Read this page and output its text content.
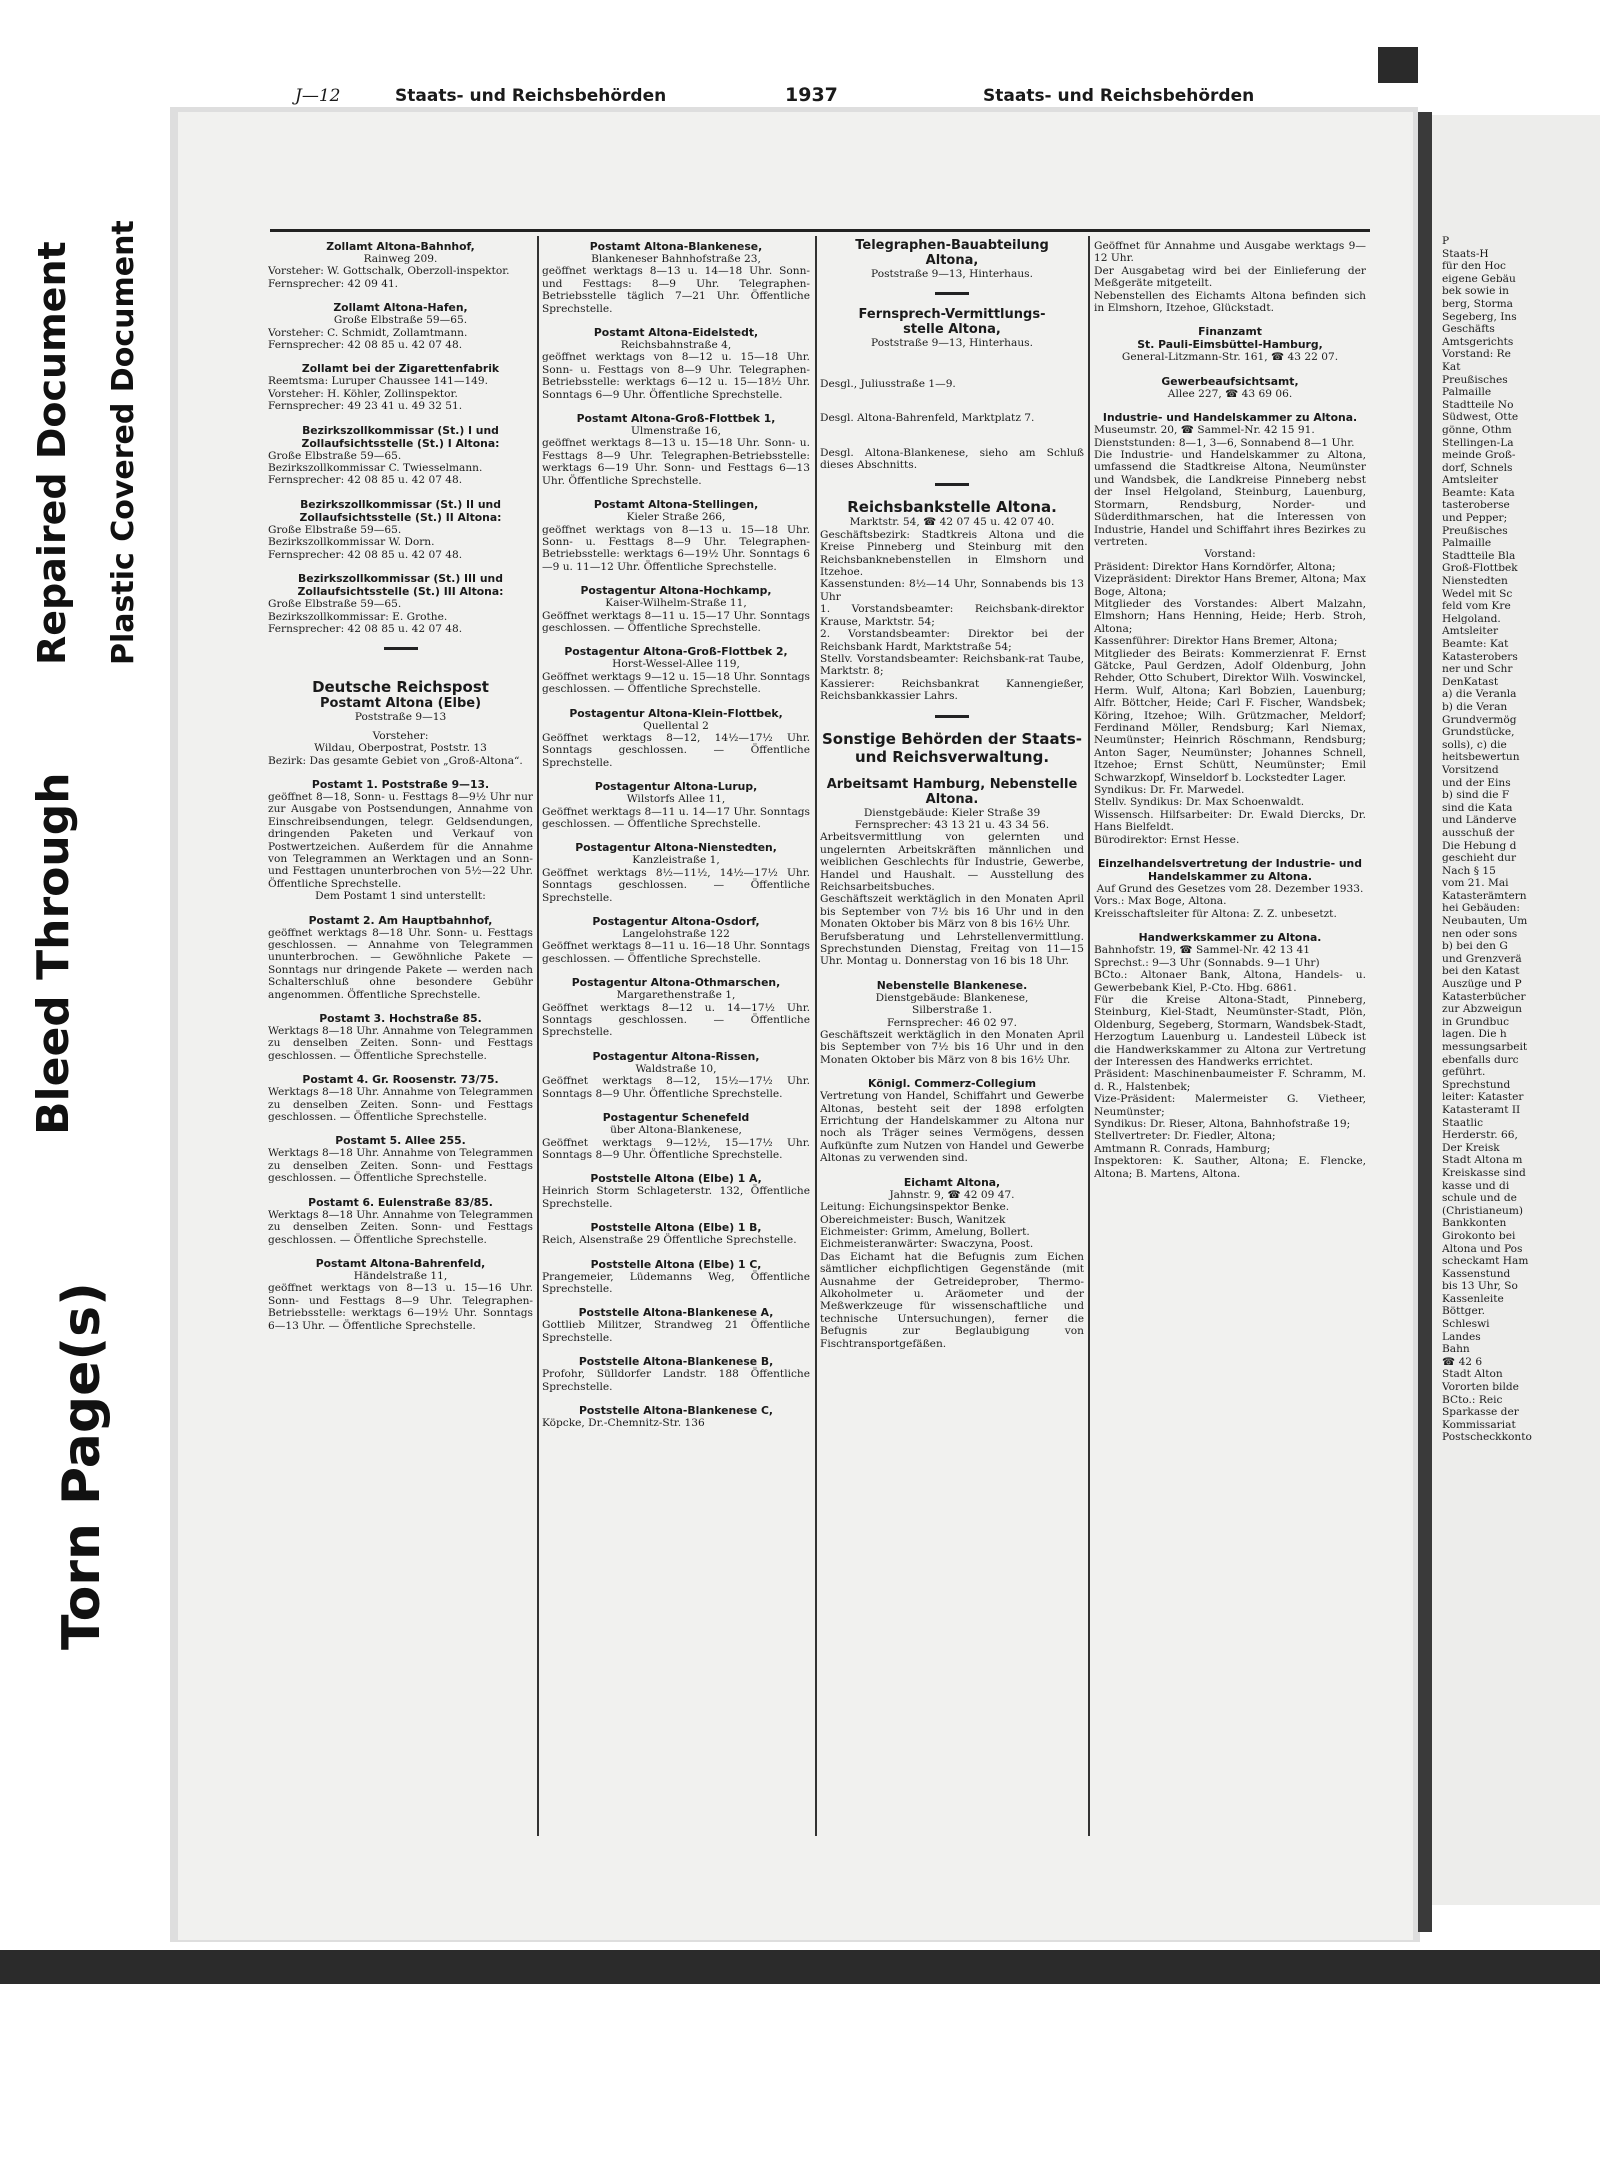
Bleed Through
Repaired Document Plastic Covered Document
Torn Page(s)
P
Staats-H
für den Hoc
eigene Gebäu
bek sowie in
berg, Storma
Segeberg, Ins
Geschäfts
Amtsgerichts
Vorstand: Re
Kat
Preußisches
Palmaille
Stadtteile No
Südwest, Otte
gönne, Othm
Stellingen-La
meinde Groß-
dorf, Schnels
Amtsleiter
Beamte: Kata
tasteroberse
und Pepper;
Preußisches
Palmaille
Stadtteile Bla
Groß-Flottbek
Nienstedten
Wedel mit Sc
feld vom Kre
Helgoland.
Amtsleiter
Beamte: Kat
Katasterobers
ner und Schr
DenKatast
a) die Veranla
b) die Veran
Grundvermög
Grundstücke,
solls), c) die
heitsbewertun
Vorsitzend
und der Eins
b) sind die F
sind die Kata
und Länderve
ausschuß der
Die Hebung d
geschieht dur
Nach § 15
vom 21. Mai
Katasterämtern
hei Gebäuden:
Neubauten, Um
nen oder sons
b) bei den G
und Grenzverä
bei den Katast
Auszüge und P
Katasterbücher
zur Abzweigun
in Grundbuc
lagen. Die h
messungsarbeit
ebenfalls durc
geführt.
Sprechstund
leiter: Kataster
Katasteramt II
Staatlic
Herderstr. 66,
Der Kreisk
Stadt Altona m
Kreiskasse sind
kasse und di
schule und de
(Christianeum)
Bankkonten
Girokonto bei
Altona und Pos
scheckamt Ham
Kassenstund
bis 13 Uhr, So
Kassenleite
Böttger.
Schleswi
Landes
Bahn
☎ 42 6
Stadt Alton
Vororten bilde
BCto.: Reic
Sparkasse der
Kommissariat
Postscheckkonto
J—12	Staats- und Reichsbehörden	1937	Staats- und Reichsbehörden
Zollamt Altona-Bahnhof,
Rainweg 209.
Vorsteher: W. Gottschalk, Oberzoll-inspektor.
Fernsprecher: 42 09 41.
Zollamt Altona-Hafen,
Große Elbstraße 59—65.
Vorsteher: C. Schmidt, Zollamtmann.
Fernsprecher: 42 08 85 u. 42 07 48.
Zollamt bei der Zigarettenfabrik
Reemtsma: Luruper Chaussee 141—149.
Vorsteher: H. Köhler, Zollinspektor.
Fernsprecher: 49 23 41 u. 49 32 51.
Bezirkszollkommissar (St.) I und Zollaufsichtsstelle (St.) I Altona:
Große Elbstraße 59—65.
Bezirkszollkommissar C. Twiesselmann.
Fernsprecher: 42 08 85 u. 42 07 48.
Bezirkszollkommissar (St.) II und Zollaufsichtsstelle (St.) II Altona:
Große Elbstraße 59—65.
Bezirkszollkommissar W. Dorn.
Fernsprecher: 42 08 85 u. 42 07 48.
Bezirkszollkommissar (St.) III und Zollaufsichtsstelle (St.) III Altona:
Große Elbstraße 59—65.
Bezirkszollkommissar: E. Grothe.
Fernsprecher: 42 08 85 u. 42 07 48.
Deutsche Reichspost
Postamt Altona (Elbe)
Poststraße 9—13
Vorsteher:
Wildau, Oberpostrat, Poststr. 13
Bezirk: Das gesamte Gebiet von „Groß-Altona“.
Postamt 1. Poststraße 9—13.
geöffnet 8—18, Sonn- u. Festtags 8—9½ Uhr nur zur Ausgabe von Postsendungen, Annahme von Einschreibsendungen, telegr. Geldsendungen, dringenden Paketen und Verkauf von Postwertzeichen. Außerdem für die Annahme von Telegrammen an Werktagen und an Sonn- und Festtagen ununterbrochen von 5½—22 Uhr. Öffentliche Sprechstelle.
Dem Postamt 1 sind unterstellt:
Postamt 2. Am Hauptbahnhof,
geöffnet werktags 8—18 Uhr. Sonn- u. Festtags geschlossen. — Annahme von Telegrammen ununterbrochen. — Gewöhnliche Pakete — Sonntags nur dringende Pakete — werden nach Schalterschluß ohne besondere Gebühr angenommen. Öffentliche Sprechstelle.
Postamt 3. Hochstraße 85.
Werktags 8—18 Uhr. Annahme von Telegrammen zu denselben Zeiten. Sonn- und Festtags geschlossen. — Öffentliche Sprechstelle.
Postamt 4. Gr. Roosenstr. 73/75.
Werktags 8—18 Uhr. Annahme von Telegrammen zu denselben Zeiten. Sonn- und Festtags geschlossen. — Öffentliche Sprechstelle.
Postamt 5. Allee 255.
Werktags 8—18 Uhr. Annahme von Telegrammen zu denselben Zeiten. Sonn- und Festtags geschlossen. — Öffentliche Sprechstelle.
Postamt 6. Eulenstraße 83/85.
Werktags 8—18 Uhr. Annahme von Telegrammen zu denselben Zeiten. Sonn- und Festtags geschlossen. — Öffentliche Sprechstelle.
Postamt Altona-Bahrenfeld,
Händelstraße 11,
geöffnet werktags von 8—13 u. 15—16 Uhr. Sonn- und Festtags 8—9 Uhr. Telegraphen-Betriebsstelle: werktags 6—19½ Uhr. Sonntags 6—13 Uhr. — Öffentliche Sprechstelle.
Postamt Altona-Blankenese,
Blankeneser Bahnhofstraße 23,
geöffnet werktags 8—13 u. 14—18 Uhr. Sonn- und Festtags: 8—9 Uhr. Telegraphen-Betriebsstelle täglich 7—21 Uhr. Öffentliche Sprechstelle.
Postamt Altona-Eidelstedt,
Reichsbahnstraße 4,
geöffnet werktags von 8—12 u. 15—18 Uhr. Sonn- u. Festtags von 8—9 Uhr. Telegraphen-Betriebsstelle: werktags 6—12 u. 15—18½ Uhr. Sonntags 6—9 Uhr. Öffentliche Sprechstelle.
Postamt Altona-Groß-Flottbek 1,
Ulmenstraße 16,
geöffnet werktags 8—13 u. 15—18 Uhr. Sonn- u. Festtags 8—9 Uhr. Telegraphen-Betriebsstelle: werktags 6—19 Uhr. Sonn- und Festtags 6—13 Uhr. Öffentliche Sprechstelle.
Postamt Altona-Stellingen,
Kieler Straße 266,
geöffnet werktags von 8—13 u. 15—18 Uhr. Sonn- u. Festtags 8—9 Uhr. Telegraphen-Betriebsstelle: werktags 6—19½ Uhr. Sonntags 6—9 u. 11—12 Uhr. Öffentliche Sprechstelle.
Postagentur Altona-Hochkamp,
Kaiser-Wilhelm-Straße 11,
Geöffnet werktags 8—11 u. 15—17 Uhr. Sonntags geschlossen. — Öffentliche Sprechstelle.
Postagentur Altona-Groß-Flottbek 2,
Horst-Wessel-Allee 119,
Geöffnet werktags 9—12 u. 15—18 Uhr. Sonntags geschlossen. — Öffentliche Sprechstelle.
Postagentur Altona-Klein-Flottbek,
Quellental 2
Geöffnet werktags 8—12, 14½—17½ Uhr. Sonntags geschlossen. — Öffentliche Sprechstelle.
Postagentur Altona-Lurup,
Wilstorfs Allee 11,
Geöffnet werktags 8—11 u. 14—17 Uhr. Sonntags geschlossen. — Öffentliche Sprechstelle.
Postagentur Altona-Nienstedten,
Kanzleistraße 1,
Geöffnet werktags 8½—11½, 14½—17½ Uhr. Sonntags geschlossen. — Öffentliche Sprechstelle.
Postagentur Altona-Osdorf,
Langelohstraße 122
Geöffnet werktags 8—11 u. 16—18 Uhr. Sonntags geschlossen. — Öffentliche Sprechstelle.
Postagentur Altona-Othmarschen,
Margarethenstraße 1,
Geöffnet werktags 8—12 u. 14—17½ Uhr. Sonntags geschlossen. — Öffentliche Sprechstelle.
Postagentur Altona-Rissen,
Waldstraße 10,
Geöffnet werktags 8—12, 15½—17½ Uhr. Sonntags 8—9 Uhr. Öffentliche Sprechstelle.
Postagentur Schenefeld
über Altona-Blankenese,
Geöffnet werktags 9—12½, 15—17½ Uhr. Sonntags 8—9 Uhr. Öffentliche Sprechstelle.
Poststelle Altona (Elbe) 1 A,
Heinrich Storm Schlageterstr. 132, Öffentliche Sprechstelle.
Poststelle Altona (Elbe) 1 B,
Reich, Alsenstraße 29 Öffentliche Sprechstelle.
Poststelle Altona (Elbe) 1 C,
Prangemeier, Lüdemanns Weg, Öffentliche Sprechstelle.
Poststelle Altona-Blankenese A,
Gottlieb Militzer, Strandweg 21 Öffentliche Sprechstelle.
Poststelle Altona-Blankenese B,
Profohr, Sülldorfer Landstr. 188 Öffentliche Sprechstelle.
Poststelle Altona-Blankenese C,
Köpcke, Dr.-Chemnitz-Str. 136
Telegraphen-Bauabteilung
Altona,
Poststraße 9—13, Hinterhaus.
Fernsprech-Vermittlungs-
stelle Altona,
Poststraße 9—13, Hinterhaus.
Desgl., Juliusstraße 1—9.
Desgl. Altona-Bahrenfeld, Marktplatz 7.
Desgl. Altona-Blankenese, sieho am Schluß dieses Abschnitts.
Reichsbankstelle Altona.
Marktstr. 54, ☎ 42 07 45 u. 42 07 40.
Geschäftsbezirk: Stadtkreis Altona und die Kreise Pinneberg und Steinburg mit den Reichsbanknebenstellen in Elmshorn und Itzehoe.
Kassenstunden: 8½—14 Uhr, Sonnabends bis 13 Uhr
1. Vorstandsbeamter: Reichsbank-direktor Krause, Marktstr. 54;
2. Vorstandsbeamter: Direktor bei der Reichsbank Hardt, Marktstraße 54;
Stellv. Vorstandsbeamter: Reichsbank-rat Taube, Marktstr. 8;
Kassierer: Reichsbankrat Kannengießer, Reichsbankkassier Lahrs.
Sonstige Behörden der Staats- und Reichsverwaltung.
Arbeitsamt Hamburg, Nebenstelle Altona.
Dienstgebäude: Kieler Straße 39
Fernsprecher: 43 13 21 u. 43 34 56.
Arbeitsvermittlung von gelernten und ungelernten Arbeitskräften männlichen und weiblichen Geschlechts für Industrie, Gewerbe, Handel und Haushalt. — Ausstellung des Reichsarbeitsbuches.
Geschäftszeit werktäglich in den Monaten April bis September von 7½ bis 16 Uhr und in den Monaten Oktober bis März von 8 bis 16½ Uhr.
Berufsberatung und Lehrstellenvermittlung. Sprechstunden Dienstag, Freitag von 11—15 Uhr. Montag u. Donnerstag von 16 bis 18 Uhr.
Nebenstelle Blankenese.
Dienstgebäude: Blankenese,
Silberstraße 1.
Fernsprecher: 46 02 97.
Geschäftszeit werktäglich in den Monaten April bis September von 7½ bis 16 Uhr und in den Monaten Oktober bis März von 8 bis 16½ Uhr.
Königl. Commerz-Collegium
Vertretung von Handel, Schiffahrt und Gewerbe Altonas, besteht seit der 1898 erfolgten Errichtung der Handelskammer zu Altona nur noch als Träger seines Vermögens, dessen Aufkünfte zum Nutzen von Handel und Gewerbe Altonas zu verwenden sind.
Eichamt Altona,
Jahnstr. 9, ☎ 42 09 47.
Leitung: Eichungsinspektor Benke.
Obereichmeister: Busch, Wanitzek
Eichmeister: Grimm, Amelung, Bollert.
Eichmeisteranwärter: Swaczyna, Poost.
Das Eichamt hat die Befugnis zum Eichen sämtlicher eichpflichtigen Gegenstände (mit Ausnahme der Getreideprober, Thermo-Alkoholmeter u. Aräometer und der Meßwerkzeuge für wissenschaftliche und technische Untersuchungen), ferner die Befugnis zur Beglaubigung von Fischtransportgefäßen.
Geöffnet für Annahme und Ausgabe werktags 9—12 Uhr.
Der Ausgabetag wird bei der Einlieferung der Meßgeräte mitgeteilt.
Nebenstellen des Eichamts Altona befinden sich in Elmshorn, Itzehoe, Glückstadt.
Finanzamt
St. Pauli-Eimsbüttel-Hamburg,
General-Litzmann-Str. 161, ☎ 43 22 07.
Gewerbeaufsichtsamt,
Allee 227, ☎ 43 69 06.
Industrie- und Handelskammer zu Altona.
Museumstr. 20, ☎ Sammel-Nr. 42 15 91.
Dienststunden: 8—1, 3—6, Sonnabend 8—1 Uhr.
Die Industrie- und Handelskammer zu Altona, umfassend die Stadtkreise Altona, Neumünster und Wandsbek, die Landkreise Pinneberg nebst der Insel Helgoland, Steinburg, Lauenburg, Stormarn, Rendsburg, Norder- und Süderdithmarschen, hat die Interessen von Industrie, Handel und Schiffahrt ihres Bezirkes zu vertreten.
Vorstand:
Präsident: Direktor Hans Korndörfer, Altona;
Vizepräsident: Direktor Hans Bremer, Altona; Max Boge, Altona;
Mitglieder des Vorstandes: Albert Malzahn, Elmshorn; Hans Henning, Heide; Herb. Stroh, Altona;
Kassenführer: Direktor Hans Bremer, Altona;
Mitglieder des Beirats: Kommerzienrat F. Ernst Gätcke, Paul Gerdzen, Adolf Oldenburg, John Rehder, Otto Schubert, Direktor Wilh. Voswinckel, Herm. Wulf, Altona; Karl Bobzien, Lauenburg; Alfr. Böttcher, Heide; Carl F. Fischer, Wandsbek; Köring, Itzehoe; Wilh. Grützmacher, Meldorf; Ferdinand Möller, Rendsburg; Karl Niemax, Neumünster; Heinrich Röschmann, Rendsburg; Anton Sager, Neumünster; Johannes Schnell, Itzehoe; Ernst Schütt, Neumünster; Emil Schwarzkopf, Winseldorf b. Lockstedter Lager.
Syndikus: Dr. Fr. Marwedel.
Stellv. Syndikus: Dr. Max Schoenwaldt.
Wissensch. Hilfsarbeiter: Dr. Ewald Diercks, Dr. Hans Bielfeldt.
Bürodirektor: Ernst Hesse.
Einzelhandelsvertretung der Industrie- und Handelskammer zu Altona.
Auf Grund des Gesetzes vom 28. Dezember 1933.
Vors.: Max Boge, Altona.
Kreisschaftsleiter für Altona: Z. Z. unbesetzt.
Handwerkskammer zu Altona.
Bahnhofstr. 19, ☎ Sammel-Nr. 42 13 41
Sprechst.: 9—3 Uhr (Sonnabds. 9—1 Uhr)
BCto.: Altonaer Bank, Altona, Handels- u. Gewerbebank Kiel, P.-Cto. Hbg. 6861.
Für die Kreise Altona-Stadt, Pinneberg, Steinburg, Kiel-Stadt, Neumünster-Stadt, Plön, Oldenburg, Segeberg, Stormarn, Wandsbek-Stadt, Herzogtum Lauenburg u. Landesteil Lübeck ist die Handwerkskammer zu Altona zur Vertretung der Interessen des Handwerks errichtet.
Präsident: Maschinenbaumeister F. Schramm, M. d. R., Halstenbek;
Vize-Präsident: Malermeister G. Vietheer, Neumünster;
Syndikus: Dr. Rieser, Altona, Bahnhofstraße 19;
Stellvertreter: Dr. Fiedler, Altona;
Amtmann R. Conrads, Hamburg;
Inspektoren: K. Sauther, Altona; E. Flencke, Altona; B. Martens, Altona.
